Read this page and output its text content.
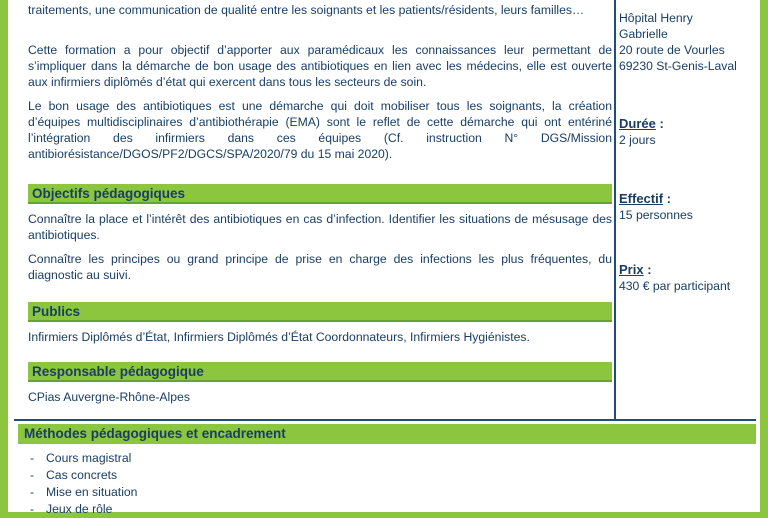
traitements, une communication de qualité entre les soignants et les patients/résidents, leurs familles…

Cette formation a pour objectif d’apporter aux paramédicaux les connaissances leur permettant de s’impliquer dans la démarche de bon usage des antibiotiques en lien avec les médecins, elle est ouverte aux infirmiers diplômés d’état qui exercent dans tous les secteurs de soin.

Le bon usage des antibiotiques est une démarche qui doit mobiliser tous les soignants, la création d’équipes multidisciplinaires d’antibiothérapie (EMA) sont le reflet de cette démarche qui ont entériné l’intégration des infirmiers dans ces équipes (Cf. instruction N° DGS/Mission antibiorésistance/DGOS/PF2/DGCS/SPA/2020/79 du 15 mai 2020).

Objectifs pédagogiques

Connaître la place et l’intérêt des antibiotiques en cas d’infection. Identifier les situations de mésusage des antibiotiques.

Connaître les principes ou grand principe de prise en charge des infections les plus fréquentes, du diagnostic au suivi.

Publics

Infirmiers Diplômés d’État, Infirmiers Diplômés d’État Coordonnateurs, Infirmiers Hygiénistes.

Responsable pédagogique

CPias Auvergne-Rhône-Alpes

Hôpital Henry
Gabrielle
20 route de Vourles
69230 St-Genis-Laval
Durée :
2 jours
Effectif :
15 personnes
Prix :
430 € par participant
Méthodes pédagogiques et encadrement
- Cours magistral
- Cas concrets
- Mise en situation
- Jeux de rôle
